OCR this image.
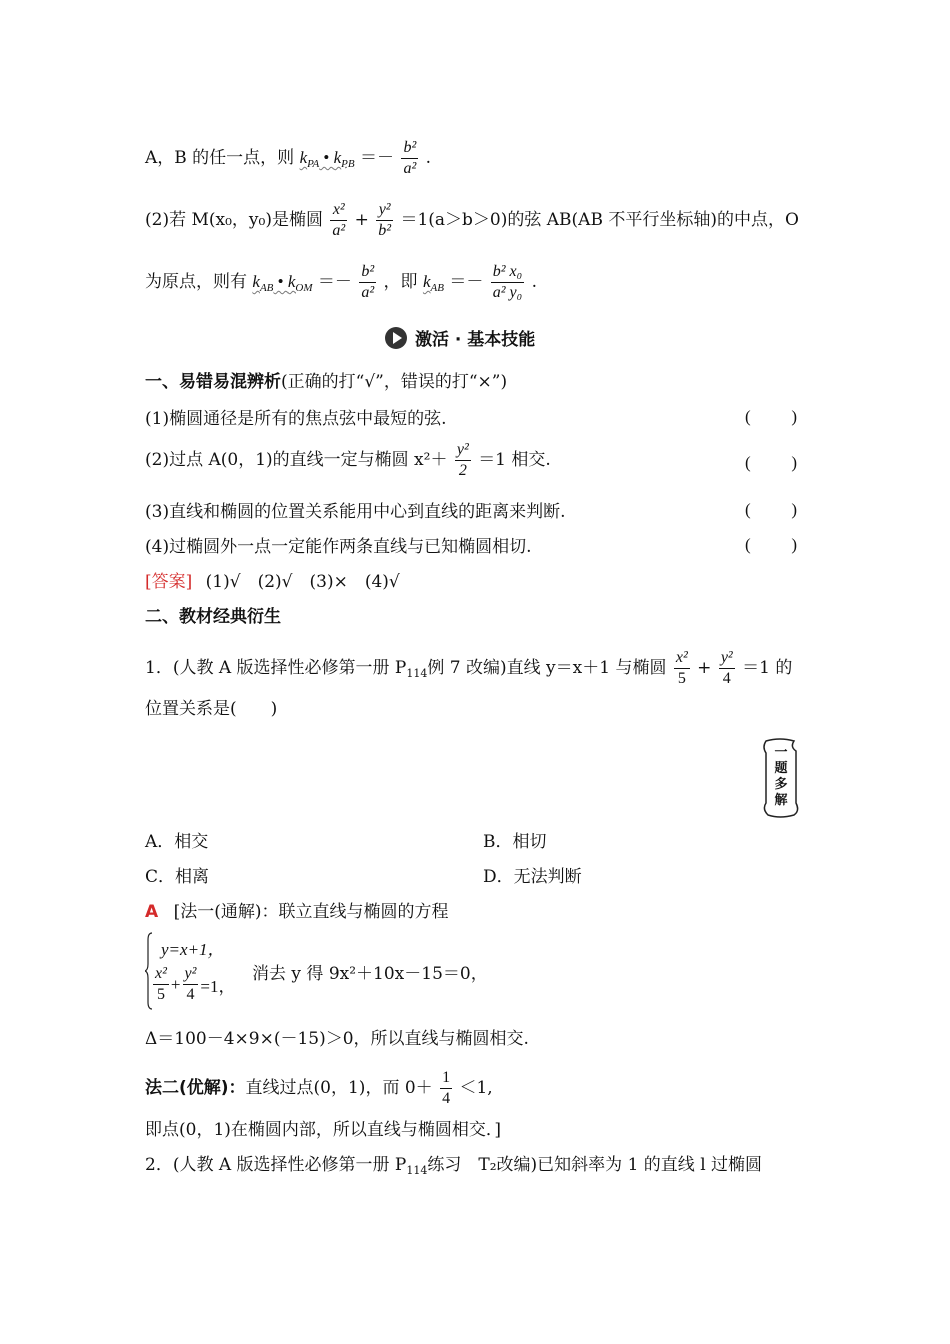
A，B 的任一点，则 $k_{PA}$ • $k_{PB} =- \frac{\text{b²}}{\text{a²}}$ .
(2)若 M(x₀，y₀)是椭圆 $\frac{\text{x²}}{\text{a²}} + \frac{\text{y²}}{\text{b²}} =1(a>b>0)$的弦 AB(AB 不平行坐标轴)的中点，O
为原点，则有 $k_{AB}$ • $k_{OM} =- \frac{\text{b²}}{\text{a²}}$ ，即 $k_{AB} =- \frac{\text{b² x₀}}{\text{a² y₀}}$ .
激活 · 基本技能
一、易错易混辨析(正确的打“√”，错误的打“×”)
(1)椭圆通径是所有的焦点弦中最短的弦.	( )
(2)过点 A(0，1)的直线一定与椭圆 $x^2+ \frac{\text{y²}}{2} =1$ 相交.	( )
(3)直线和椭圆的位置关系能用中心到直线的距离来判断.	( )
(4)过椭圆外一点一定能作两条直线与已知椭圆相切.	( )
[答案] (1)√　(2)√　(3)×　(4)√
二、教材经典衍生
1．(人教 A 版选择性必修第一册 $P_{114}$例 7 改编)直线 y＝x＋1 与椭圆 $\frac{\text{x²}}{5} + \frac{\text{y²}}{4} =1$ 的
位置关系是(　　)
一题多解
A．相交	B．相切
C．相离	D．无法判断
A [法一(通解)：联立直线与椭圆的方程
y=x+1，
$\frac{\text{x²}}{5} + \frac{\text{y²}}{4} =1$，
消去 y 得 9x²＋10x－15＝0，
Δ＝100－4×9×(－15)＞0，所以直线与椭圆相交.
法二(优解)：直线过点(0，1)，而 $0+ \frac{1}{4} <1$,
即点(0，1)在椭圆内部，所以直线与椭圆相交．]
2．(人教 A 版选择性必修第一册 $P_{114}$练习　T₂改编)已知斜率为 1 的直线 l 过椭圆
